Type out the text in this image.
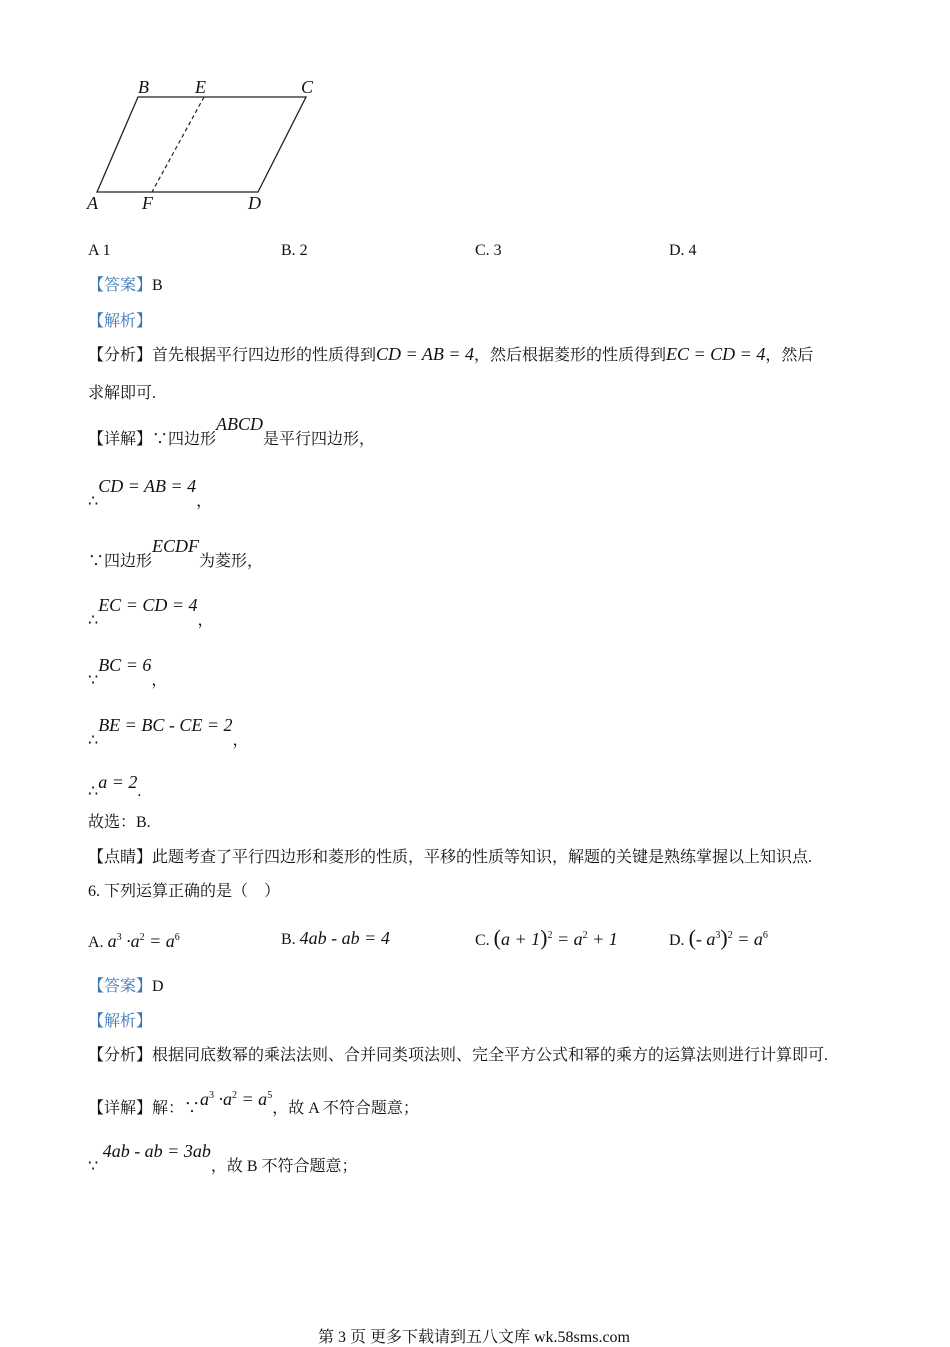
B	E	C
A F	D
A 1	B. 2	C. 3	D. 4
【答案】B
【解析】
【分析】首先根据平行四边形的性质得到CD = AB = 4，然后根据菱形的性质得到EC = CD = 4，然后
求解即可.
【详解】∵四边形ABCD是平行四边形，
∴CD = AB = 4，
∵四边形ECDF为菱形，
∴EC = CD = 4，
∵BC = 6，
∴BE = BC - CE = 2，
∴a = 2.
故选：B.
【点睛】此题考查了平行四边形和菱形的性质，平移的性质等知识，解题的关键是熟练掌握以上知识点.
6. 下列运算正确的是（　）
A. $a^3 \cdot a^2 = a^6$	B. 4ab - ab = 4	C. $(a + 1)^2 = a^2 + 1$	D. (- $a^3)^2 = a^6$
【答案】D
【解析】
【分析】根据同底数幂的乘法法则、合并同类项法则、完全平方公式和幂的乘方的运算法则进行计算即可.
【详解】解：$\because a^3 \cdot a^2 = a^5$，故 A 不符合题意；
∵ 4ab - ab = 3ab，故 B 不符合题意；
第 3 页 更多下载请到五八文库 wk.58sms.com
